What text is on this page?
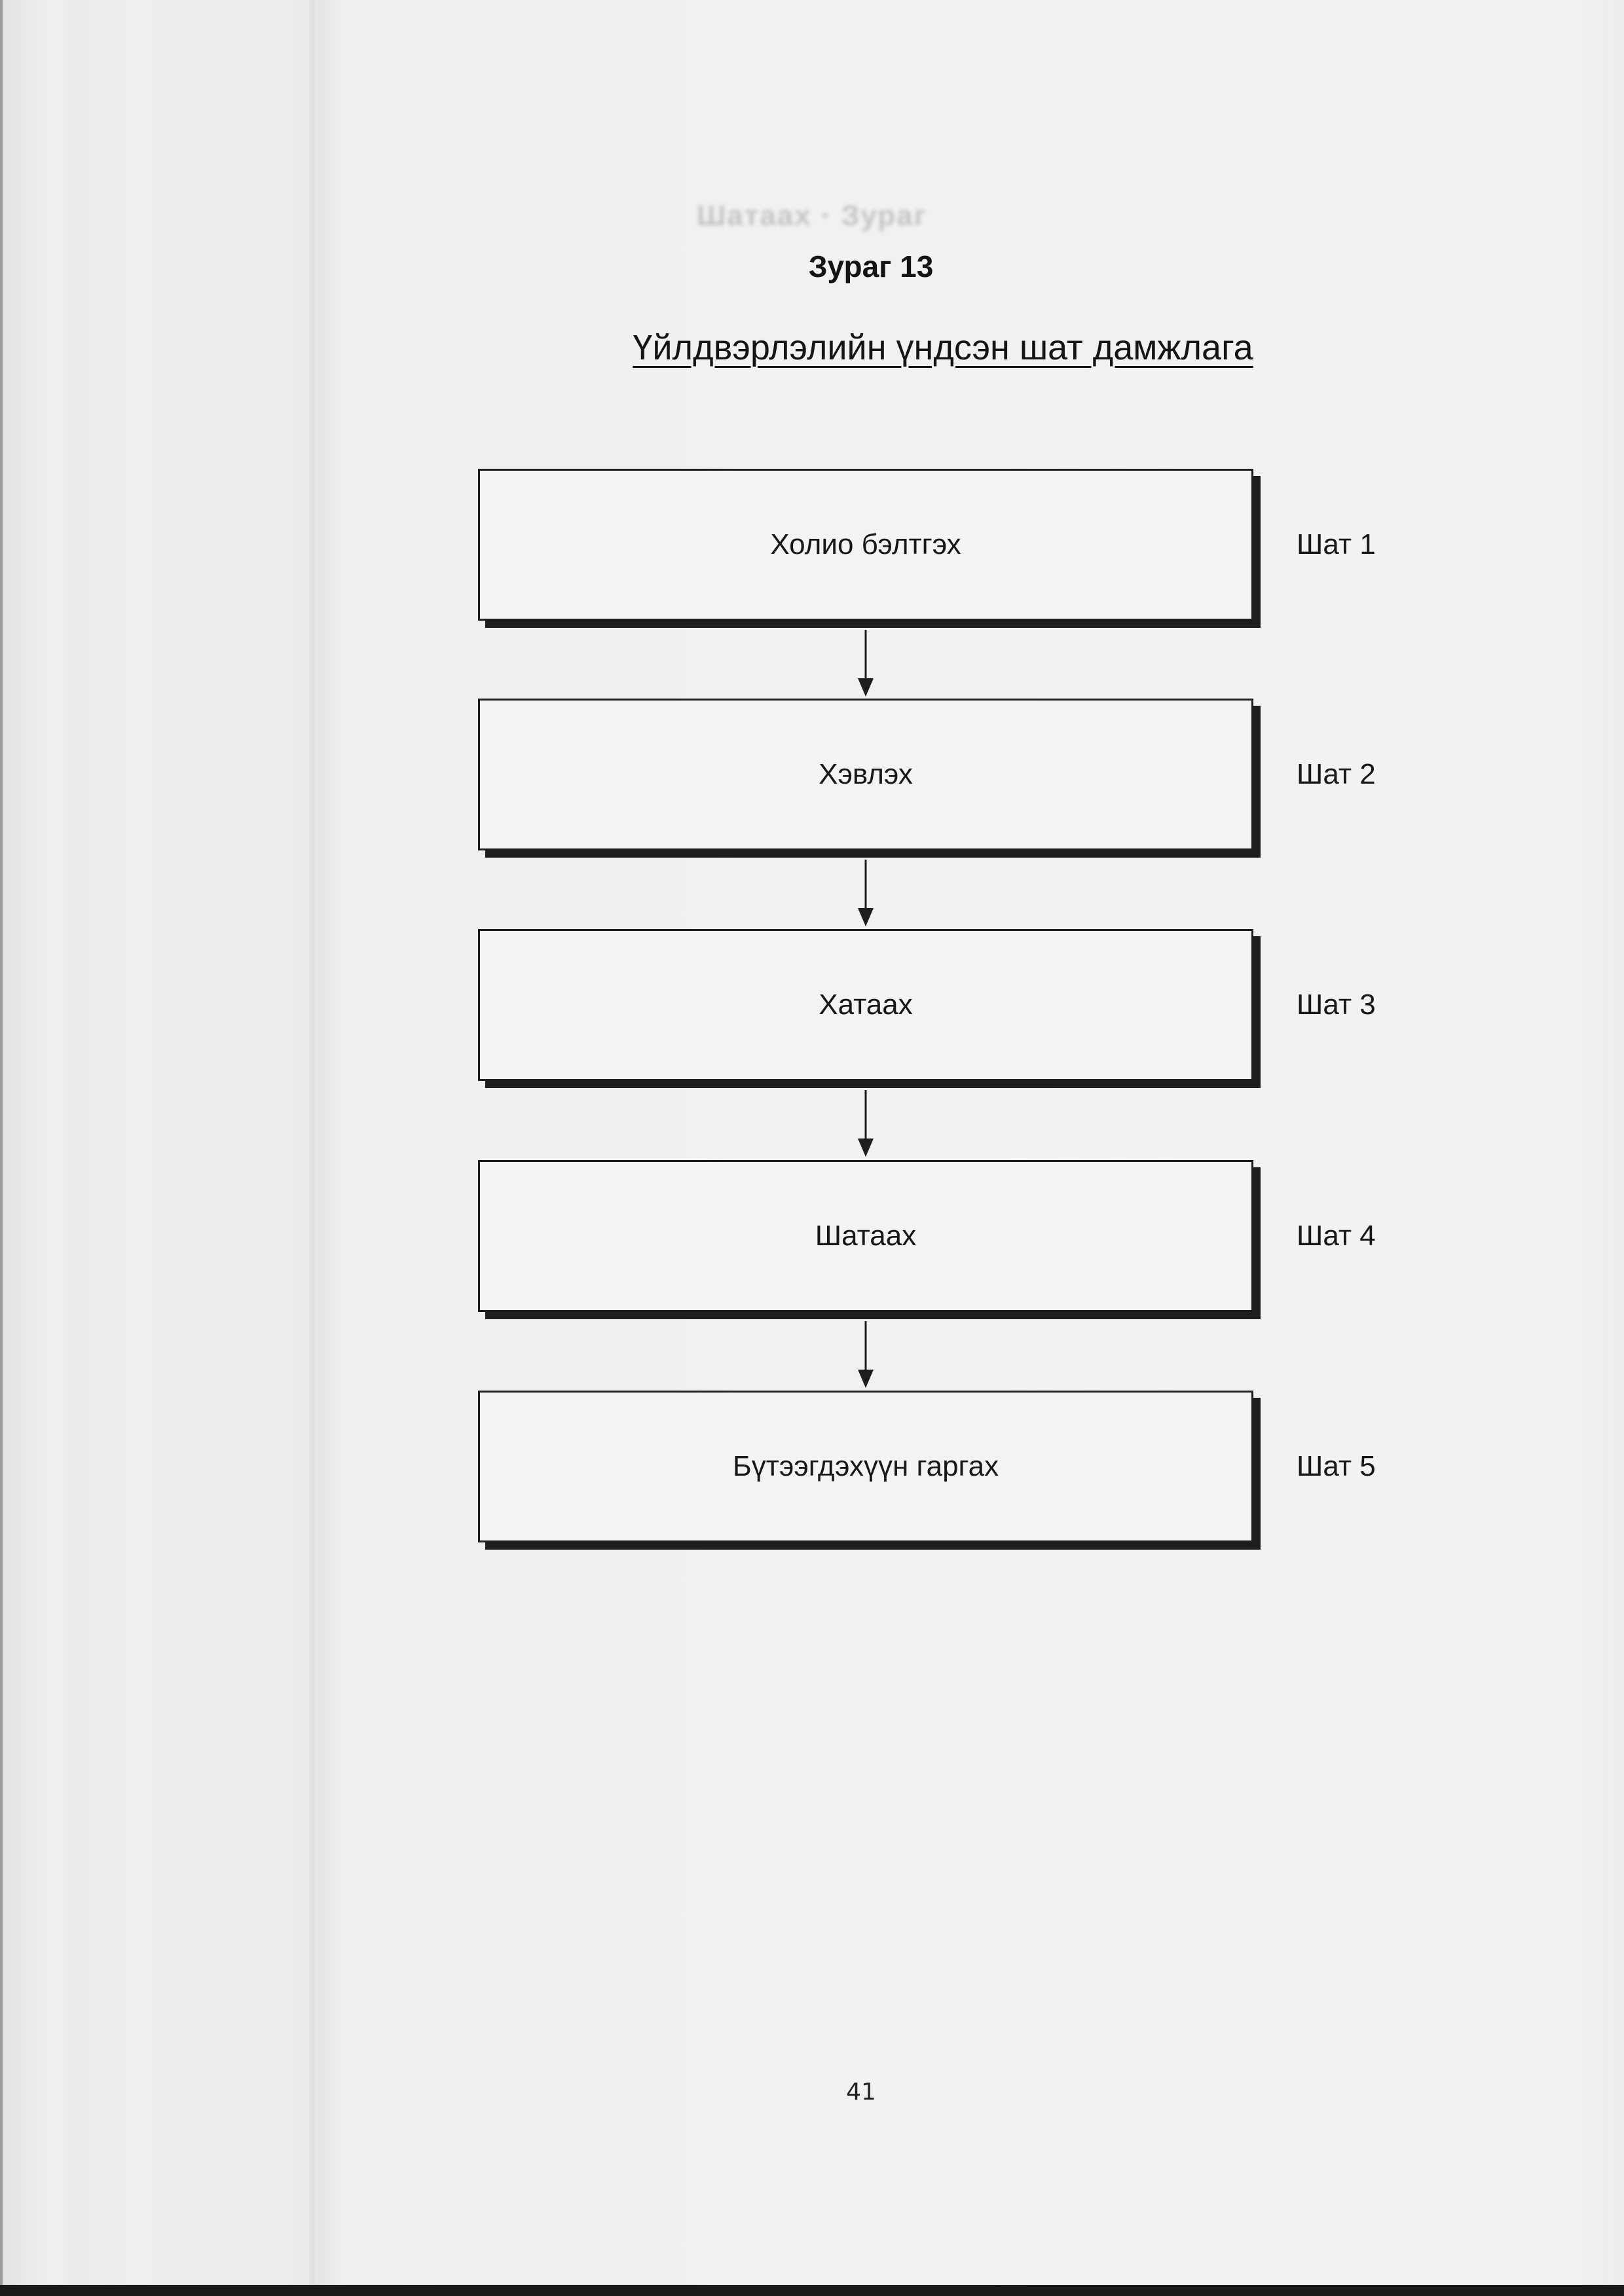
Шатаах · Зураг
Зураг 13
Үйлдвэрлэлийн үндсэн шат дамжлага
Холио бэлтгэх	Шат 1
Хэвлэх	Шат 2
Хатаах	Шат 3
Шатаах	Шат 4
Бүтээгдэхүүн гаргах	Шат 5
41
